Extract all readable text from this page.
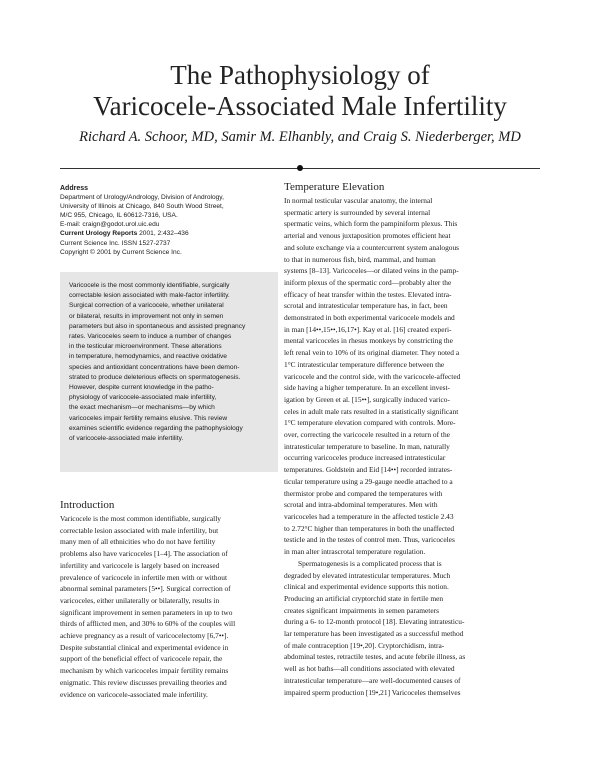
The Pathophysiology of
Varicocele-Associated Male Infertility
Richard A. Schoor, MD, Samir M. Elhanbly, and Craig S. Niederberger, MD
Address
Department of Urology/Andrology, Division of Andrology,
University of Illinois at Chicago, 840 South Wood Street,
M/C 955, Chicago, IL 60612-7316, USA.
E-mail: craign@godot.urol.uic.edu
Current Urology Reports 2001, 2:432–436
Current Science Inc. ISSN 1527-2737
Copyright © 2001 by Current Science Inc.
Varicocele is the most commonly identifiable, surgically
correctable lesion associated with male-factor infertility.
Surgical correction of a varicocele, whether unilateral
or bilateral, results in improvement not only in semen
parameters but also in spontaneous and assisted pregnancy
rates. Varicoceles seem to induce a number of changes
in the testicular microenvironment. These alterations
in temperature, hemodynamics, and reactive oxidative
species and antioxidant concentrations have been demon-
strated to produce deleterious effects on spermatogenesis.
However, despite current knowledge in the patho-
physiology of varicocele-associated male infertility,
the exact mechanism—or mechanisms—by which
varicoceles impair fertility remains elusive. This review
examines scientific evidence regarding the pathophysiology
of varicocele-associated male infertility.
Introduction
Varicocele is the most common identifiable, surgically
correctable lesion associated with male infertility, but
many men of all ethnicities who do not have fertility
problems also have varicoceles [1–4]. The association of
infertility and varicocele is largely based on increased
prevalence of varicocele in infertile men with or without
abnormal seminal parameters [5••]. Surgical correction of
varicoceles, either unilaterally or bilaterally, results in
significant improvement in semen parameters in up to two
thirds of afflicted men, and 30% to 60% of the couples will
achieve pregnancy as a result of varicocelectomy [6,7••].
Despite substantial clinical and experimental evidence in
support of the beneficial effect of varicocele repair, the
mechanism by which varicoceles impair fertility remains
enigmatic. This review discusses prevailing theories and
evidence on varicocele-associated male infertility.
Temperature Elevation
In normal testicular vascular anatomy, the internal
spermatic artery is surrounded by several internal
spermatic veins, which form the pampiniform plexus. This
arterial and venous juxtaposition promotes efficient heat
and solute exchange via a countercurrent system analogous
to that in numerous fish, bird, mammal, and human
systems [8–13]. Varicoceles—or dilated veins in the pamp-
iniform plexus of the spermatic cord—probably alter the
efficacy of heat transfer within the testes. Elevated intra-
scrotal and intratesticular temperature has, in fact, been
demonstrated in both experimental varicocele models and
in man [14••,15••,16,17•]. Kay et al. [16] created experi-
mental varicoceles in rhesus monkeys by constricting the
left renal vein to 10% of its original diameter. They noted a
1°C intratesticular temperature difference between the
varicocele and the control side, with the varicocele-affected
side having a higher temperature. In an excellent invest-
igation by Green et al. [15••], surgically induced varico-
celes in adult male rats resulted in a statistically significant
1°C temperature elevation compared with controls. More-
over, correcting the varicocele resulted in a return of the
intratesticular temperature to baseline. In man, naturally
occurring varicoceles produce increased intratesticular
temperatures. Goldstein and Eid [14••] recorded intrates-
ticular temperature using a 29-gauge needle attached to a
thermistor probe and compared the temperatures with
scrotal and intra-abdominal temperatures. Men with
varicoceles had a temperature in the affected testicle 2.43
to 2.72°C higher than temperatures in both the unaffected
testicle and in the testes of control men. Thus, varicoceles
in man alter intrascrotal temperature regulation.
Spermatogenesis is a complicated process that is
degraded by elevated intratesticular temperatures. Much
clinical and experimental evidence supports this notion.
Producing an artificial cryptorchid state in fertile men
creates significant impairments in semen parameters
during a 6- to 12-month protocol [18]. Elevating intratesticu-
lar temperature has been investigated as a successful method
of male contraception [19•,20]. Cryptorchidism, intra-
abdominal testes, retractile testes, and acute febrile illness, as
well as hot baths—all conditions associated with elevated
intratesticular temperature—are well-documented causes of
impaired sperm production [19•,21] Varicoceles themselves
